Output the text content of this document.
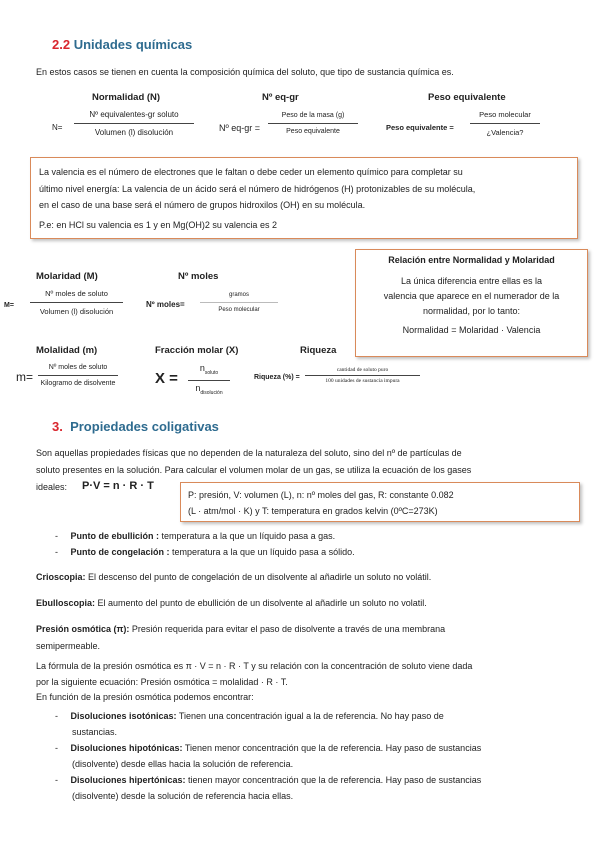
2.2 Unidades químicas
En estos casos se tienen en cuenta la composición química del soluto, que tipo de sustancia química es.
Normalidad (N)	Nº eq-gr	Peso equivalente
N=
Nº equivalentes-gr soluto
Volumen (l) disolución	Nº eq-gr =
Peso de la masa (g)
Peso equivalente	Peso equivalente =
Peso molecular
¿Valencia?
La valencia es el número de electrones que le faltan o debe ceder un elemento químico para completar su
último nivel energía: La valencia de un ácido será el número de hidrógenos (H) protonizables de su molécula,
en el caso de una base será el número de grupos hidroxilos (OH) en su molécula.
P.e: en HCl su valencia es 1 y en Mg(OH)2 su valencia es 2
Relación entre Normalidad y Molaridad
La única diferencia entre ellas es la
valencia que aparece en el numerador de la
normalidad, por lo tanto:
Normalidad = Molaridad · Valencia
Molaridad (M)	Nº moles
M=
Nº moles de soluto
Volumen (l) disolución
Nº moles=
gramos
Peso molecular
Molalidad (m)	Fracción molar (X)	Riqueza
m=
Nº moles de soluto
Kilogramo de disolvente	X =
$n_{soluto}$
$n_{disolución}$
Riqueza (%) =
cantidad de soluto puro
100 unidades de sustancia impura
3. Propiedades coligativas
Son aquellas propiedades físicas que no dependen de la naturaleza del soluto, sino del nº de partículas de
soluto presentes en la solución. Para calcular el volumen molar de un gas, se utiliza la ecuación de los gases
ideales: P·V = n · R · T
P: presión, V: volumen (L), n: nº moles del gas, R: constante 0.082
(L · atm/mol · K) y T: temperatura en grados kelvin (0ºC=273K)
-     Punto de ebullición : temperatura a la que un líquido pasa a gas.
-     Punto de congelación : temperatura a la que un líquido pasa a sólido.
Crioscopia: El descenso del punto de congelación de un disolvente al añadirle un soluto no volátil.
Ebulloscopia: El aumento del punto de ebullición de un disolvente al añadirle un soluto no volatil.
Presión osmótica (π): Presión requerida para evitar el paso de disolvente a través de una membrana
semipermeable.
La fórmula de la presión osmótica es π · V = n · R · T y su relación con la concentración de soluto viene dada
por la siguiente ecuación: Presión osmótica = molalidad · R · T.
En función de la presión osmótica podemos encontrar:
-     Disoluciones isotónicas: Tienen una concentración igual a la de referencia. No hay paso de
sustancias.
-     Disoluciones hipotónicas: Tienen menor concentración que la de referencia. Hay paso de sustancias
(disolvente) desde ellas hacia la solución de referencia.
-     Disoluciones hipertónicas: tienen mayor concentración que la de referencia. Hay paso de sustancias
(disolvente) desde la solución de referencia hacia ellas.
